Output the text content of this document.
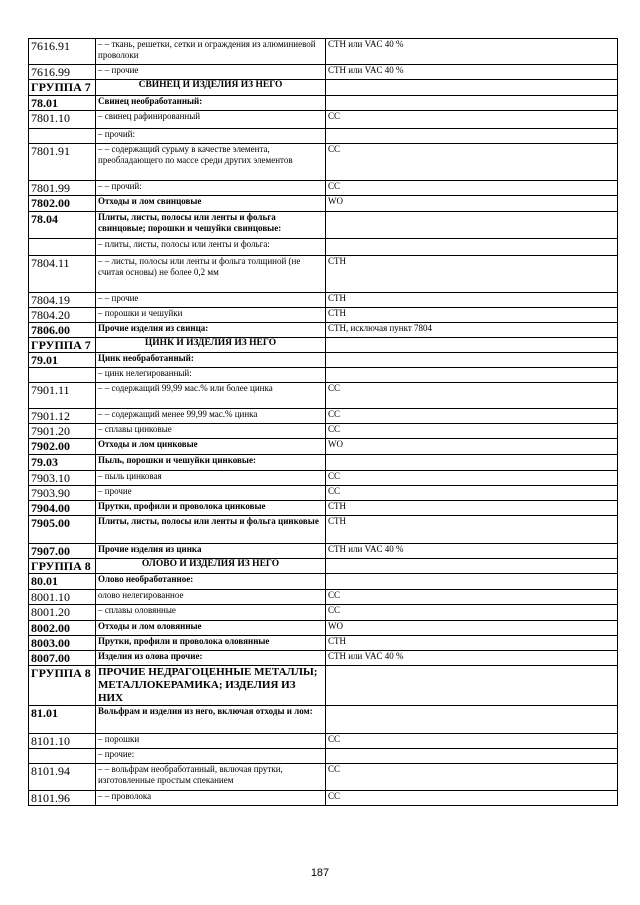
7616.91	– – ткань, решетки, сетки и ограждения из алюминиевой проволоки	СТН или VAC 40 %
7616.99	– – прочие	СТН или VAC 40 %
ГРУППА 7	СВИНЕЦ И ИЗДЕЛИЯ ИЗ НЕГО	
78.01	Свинец необработанный:	
7801.10	– свинец рафинированный	СС
	– прочий:	
7801.91	– – содержащий сурьму в качестве элемента, преобладающего по массе среди других элементов	СС
7801.99	– – прочий:	СС
7802.00	Отходы и лом свинцовые	WO
78.04	Плиты, листы, полосы или ленты и фольга свинцовые; порошки и чешуйки свинцовые:	
	– плиты, листы, полосы или ленты и фольга:	
7804.11	– – листы, полосы или ленты и фольга толщиной (не считая основы) не более 0,2 мм	СТН
7804.19	– – прочие	СТН
7804.20	– порошки и чешуйки	СТН
7806.00	Прочие изделия из свинца:	СТН, исключая пункт 7804
ГРУППА 7	ЦИНК И ИЗДЕЛИЯ ИЗ НЕГО	
79.01	Цинк необработанный:	
	– цинк нелегированный:	
7901.11	– – содержащий 99,99 мас.% или более цинка	СС
7901.12	– – содержащий менее 99,99 мас.% цинка	СС
7901.20	– сплавы цинковые	СС
7902.00	Отходы и лом цинковые	WO
79.03	Пыль, порошки и чешуйки цинковые:	
7903.10	– пыль цинковая	СС
7903.90	– прочие	СС
7904.00	Прутки, профили и проволока цинковые	СТН
7905.00	Плиты, листы, полосы или ленты и фольга цинковые	СТН
7907.00	Прочие изделия из цинка	СТН или VAC 40 %
ГРУППА 8	ОЛОВО И ИЗДЕЛИЯ ИЗ НЕГО	
80.01	Олово необработанное:	
8001.10	олово нелегированное	СС
8001.20	– сплавы оловянные	СС
8002.00	Отходы и лом оловянные	WO
8003.00	Прутки, профили и проволока оловянные	СТН
8007.00	Изделия из олова прочие:	СТН или VAC 40 %
ГРУППА 8	ПРОЧИЕ НЕДРАГОЦЕННЫЕ МЕТАЛЛЫ; МЕТАЛЛОКЕРАМИКА; ИЗДЕЛИЯ ИЗ НИХ	
81.01	Вольфрам и изделия из него, включая отходы и лом:	
8101.10	– порошки	СС
	– прочие:	
8101.94	– – вольфрам необработанный, включая прутки, изготовленные простым спеканием	СС
8101.96	– – проволока	СС
187
